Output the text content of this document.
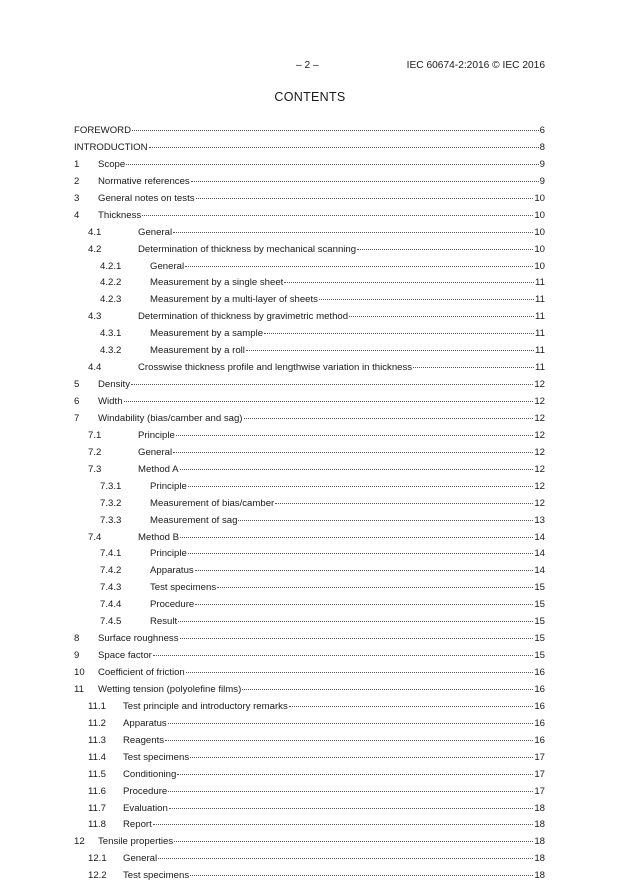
– 2 –	IEC 60674-2:2016 © IEC 2016
CONTENTS
FOREWORD	6
INTRODUCTION	8
1	Scope	9
2	Normative references	9
3	General notes on tests	10
4	Thickness	10
4.1	General	10
4.2	Determination of thickness by mechanical scanning	10
4.2.1	General	10
4.2.2	Measurement by a single sheet	11
4.2.3	Measurement by a multi-layer of sheets	11
4.3	Determination of thickness by gravimetric method	11
4.3.1	Measurement by a sample	11
4.3.2	Measurement by a roll	11
4.4	Crosswise thickness profile and lengthwise variation in thickness	11
5	Density	12
6	Width	12
7	Windability (bias/camber and sag)	12
7.1	Principle	12
7.2	General	12
7.3	Method A	12
7.3.1	Principle	12
7.3.2	Measurement of bias/camber	12
7.3.3	Measurement of sag	13
7.4	Method B	14
7.4.1	Principle	14
7.4.2	Apparatus	14
7.4.3	Test specimens	15
7.4.4	Procedure	15
7.4.5	Result	15
8	Surface roughness	15
9	Space factor	15
10	Coefficient of friction	16
11	Wetting tension (polyolefine films)	16
11.1	Test principle and introductory remarks	16
11.2	Apparatus	16
11.3	Reagents	16
11.4	Test specimens	17
11.5	Conditioning	17
11.6	Procedure	17
11.7	Evaluation	18
11.8	Report	18
12	Tensile properties	18
12.1	General	18
12.2	Test specimens	18
